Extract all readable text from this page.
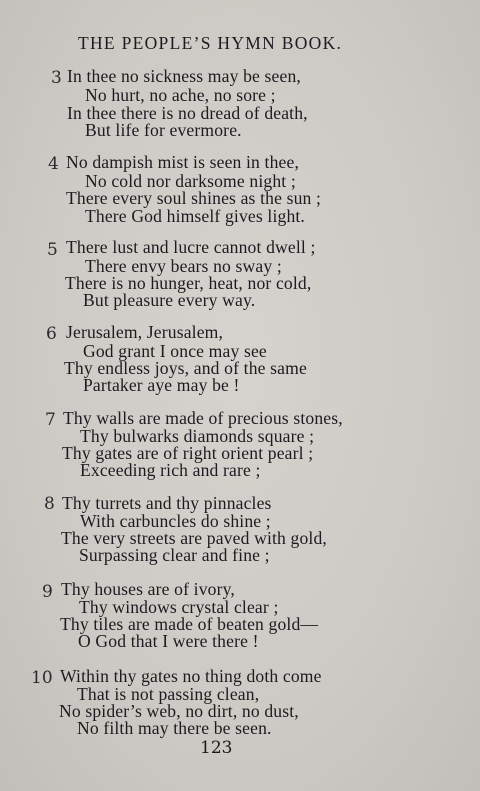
THE PEOPLE’S HYMN BOOK.
3 In thee no sickness may be seen,
No hurt, no ache, no sore ;
In thee there is no dread of death,
But life for evermore.
4 No dampish mist is seen in thee,
No cold nor darksome night ;
There every soul shines as the sun ;
There God himself gives light.
5 There lust and lucre cannot dwell ;
There envy bears no sway ;
There is no hunger, heat, nor cold,
But pleasure every way.
6 Jerusalem, Jerusalem,
God grant I once may see
Thy endless joys, and of the same
Partaker aye may be !
7 Thy walls are made of precious stones,
Thy bulwarks diamonds square ;
Thy gates are of right orient pearl ;
Exceeding rich and rare ;
8 Thy turrets and thy pinnacles
With carbuncles do shine ;
The very streets are paved with gold,
Surpassing clear and fine ;
9 Thy houses are of ivory,
Thy windows crystal clear ;
Thy tiles are made of beaten gold—
O God that I were there !
10 Within thy gates no thing doth come
That is not passing clean,
No spider’s web, no dirt, no dust,
No filth may there be seen.
123
